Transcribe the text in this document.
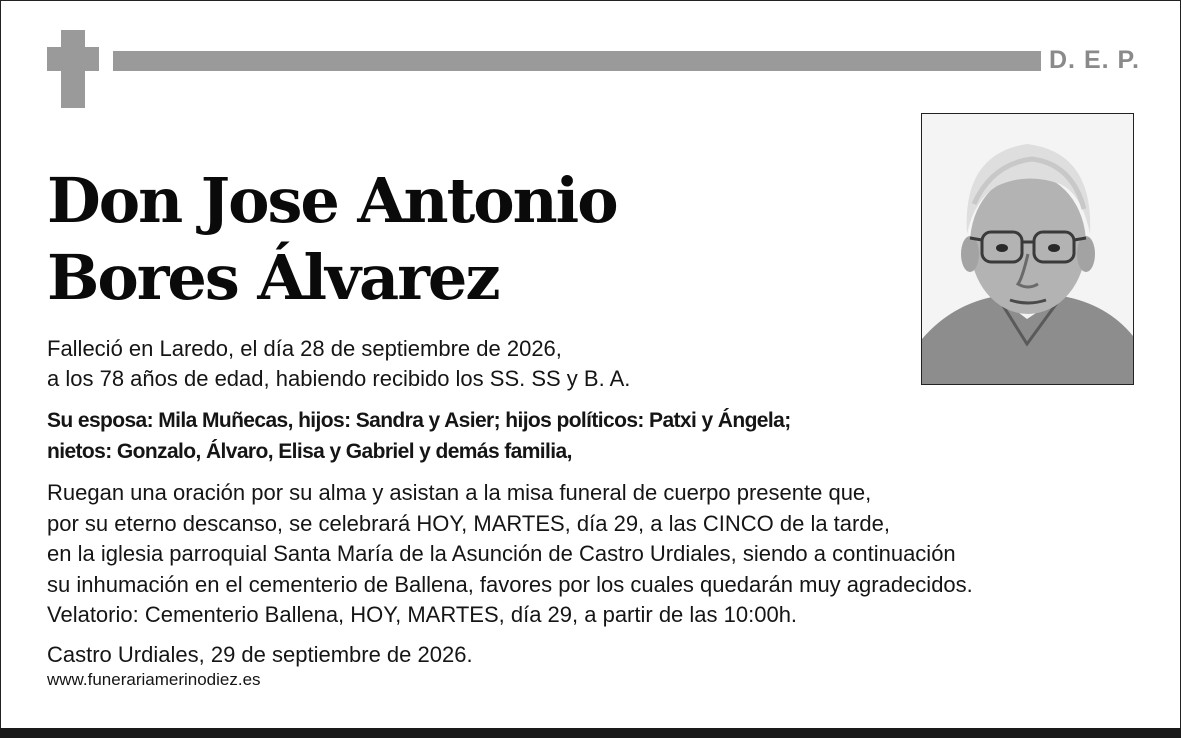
D. E. P.
Don Jose Antonio
Bores Álvarez

Falleció en Laredo, el día 28 de septiembre de 2026,
a los 78 años de edad, habiendo recibido los SS. SS y B. A.

Su esposa: Mila Muñecas, hijos: Sandra y Asier; hijos políticos: Patxi y Ángela;
nietos: Gonzalo, Álvaro, Elisa y Gabriel y demás familia,

Ruegan una oración por su alma y asistan a la misa funeral de cuerpo presente que,
por su eterno descanso, se celebrará HOY, MARTES, día 29, a las CINCO de la tarde,
en la iglesia parroquial Santa María de la Asunción de Castro Urdiales, siendo a continuación
su inhumación en el cementerio de Ballena, favores por los cuales quedarán muy agradecidos.
Velatorio: Cementerio Ballena, HOY, MARTES, día 29, a partir de las 10:00h.

Castro Urdiales, 29 de septiembre de 2026.

www.funerariamerinodiez.es
